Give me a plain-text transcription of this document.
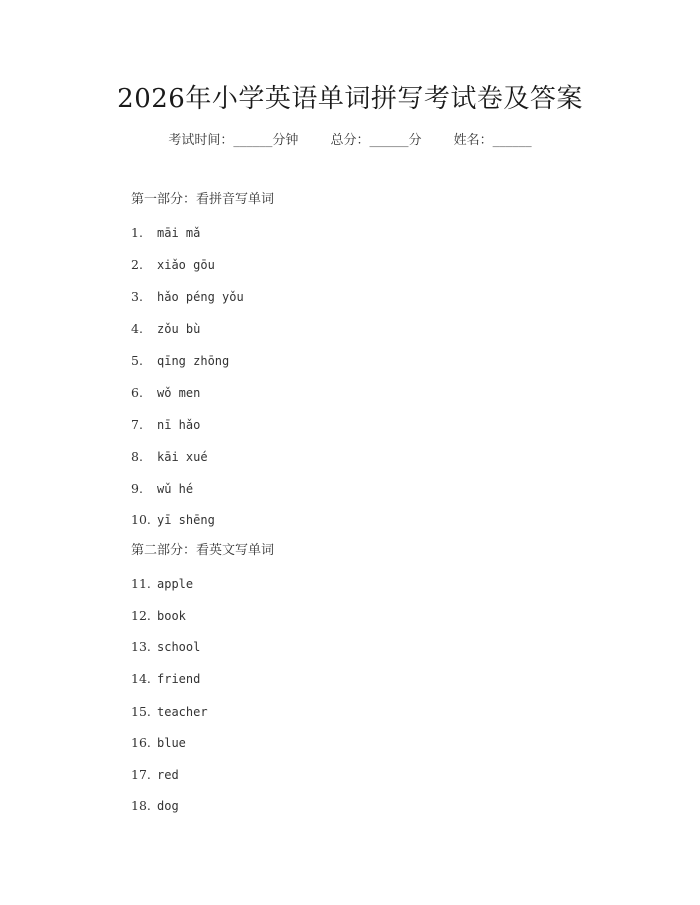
2026年小学英语单词拼写考试卷及答案
考试时间：______分钟 总分：______分 姓名：______
第一部分：看拼音写单词
1. māi mǎ
2. xiǎo gōu
3. hǎo péng yǒu
4. zǒu bù
5. qīng zhōng
6. wǒ men
7. nī hǎo
8. kāi xué
9. wǔ hé
10. yī shēng
第二部分：看英文写单词
11. apple
12. book
13. school
14. friend
15. teacher
16. blue
17. red
18. dog
